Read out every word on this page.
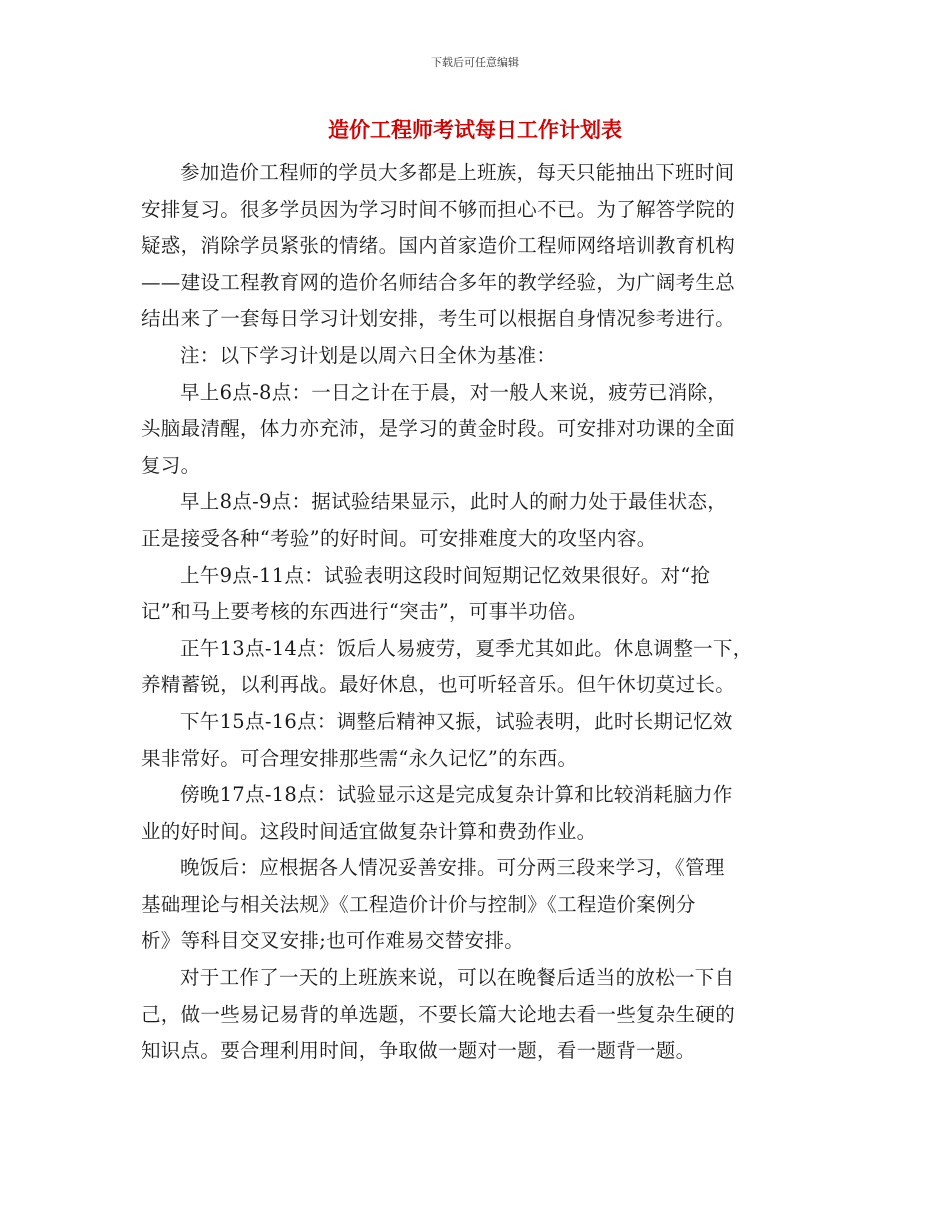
下载后可任意编辑
造价工程师考试每日工作计划表

参加造价工程师的学员大多都是上班族，每天只能抽出下班时间
安排复习。很多学员因为学习时间不够而担心不已。为了解答学院的
疑惑，消除学员紧张的情绪。国内首家造价工程师网络培训教育机构
——建设工程教育网的造价名师结合多年的教学经验，为广阔考生总
结出来了一套每日学习计划安排，考生可以根据自身情况参考进行。

注：以下学习计划是以周六日全休为基准：

早上6点-8点：一日之计在于晨，对一般人来说，疲劳已消除，
头脑最清醒，体力亦充沛，是学习的黄金时段。可安排对功课的全面
复习。

早上8点-9点：据试验结果显示，此时人的耐力处于最佳状态，
正是接受各种“考验”的好时间。可安排难度大的攻坚内容。

上午9点-11点：试验表明这段时间短期记忆效果很好。对“抢
记”和马上要考核的东西进行“突击”，可事半功倍。

正午13点-14点：饭后人易疲劳，夏季尤其如此。休息调整一下，
养精蓄锐，以利再战。最好休息，也可听轻音乐。但午休切莫过长。

下午15点-16点：调整后精神又振，试验表明，此时长期记忆效
果非常好。可合理安排那些需“永久记忆”的东西。

傍晚17点-18点：试验显示这是完成复杂计算和比较消耗脑力作
业的好时间。这段时间适宜做复杂计算和费劲作业。

晚饭后：应根据各人情况妥善安排。可分两三段来学习，《管理
基础理论与相关法规》《工程造价计价与控制》《工程造价案例分
析》等科目交叉安排;也可作难易交替安排。

对于工作了一天的上班族来说，可以在晚餐后适当的放松一下自
己，做一些易记易背的单选题，不要长篇大论地去看一些复杂生硬的
知识点。要合理利用时间，争取做一题对一题，看一题背一题。
